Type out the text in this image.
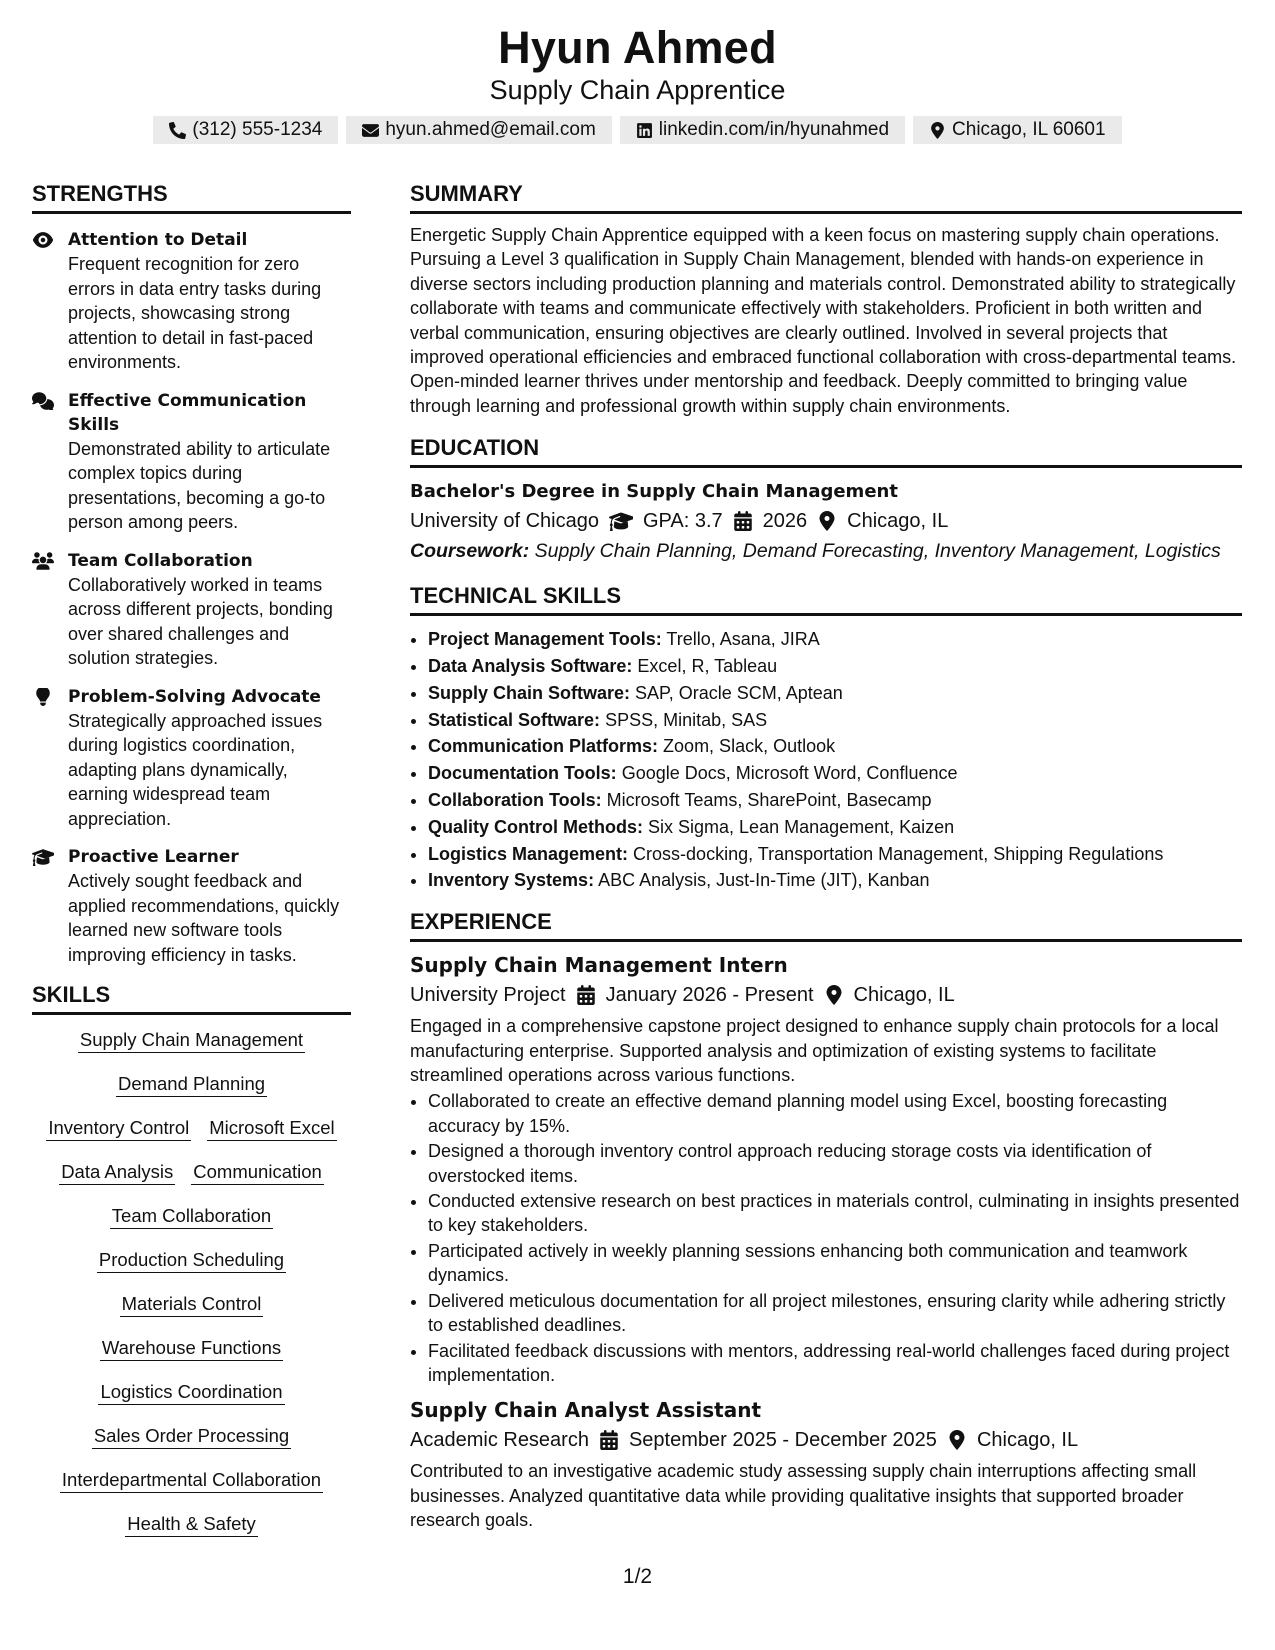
Hyun Ahmed
Supply Chain Apprentice
(312) 555-1234	hyun.ahmed@email.com	linkedin.com/in/hyunahmed	Chicago, IL 60601
STRENGTHS
Attention to Detail
Frequent recognition for zero errors in data entry tasks during projects, showcasing strong attention to detail in fast-paced environments.
Effective Communication Skills
Demonstrated ability to articulate complex topics during presentations, becoming a go-to person among peers.
Team Collaboration
Collaboratively worked in teams across different projects, bonding over shared challenges and solution strategies.
Problem-Solving Advocate
Strategically approached issues during logistics coordination, adapting plans dynamically, earning widespread team appreciation.
Proactive Learner
Actively sought feedback and applied recommendations, quickly learned new software tools improving efficiency in tasks.
SKILLS
Supply Chain Management
Demand Planning
Inventory Control Microsoft Excel
Data Analysis Communication
Team Collaboration
Production Scheduling
Materials Control
Warehouse Functions
Logistics Coordination
Sales Order Processing
Interdepartmental Collaboration
Health & Safety
SUMMARY
Energetic Supply Chain Apprentice equipped with a keen focus on mastering supply chain operations. Pursuing a Level 3 qualification in Supply Chain Management, blended with hands-on experience in diverse sectors including production planning and materials control. Demonstrated ability to strategically collaborate with teams and communicate effectively with stakeholders. Proficient in both written and verbal communication, ensuring objectives are clearly outlined. Involved in several projects that improved operational efficiencies and embraced functional collaboration with cross-departmental teams. Open-minded learner thrives under mentorship and feedback. Deeply committed to bringing value through learning and professional growth within supply chain environments.
EDUCATION
Bachelor's Degree in Supply Chain Management
University of Chicago GPA: 3.7 2026 Chicago, IL
Coursework: Supply Chain Planning, Demand Forecasting, Inventory Management, Logistics
TECHNICAL SKILLS
• Project Management Tools: Trello, Asana, JIRA
• Data Analysis Software: Excel, R, Tableau
• Supply Chain Software: SAP, Oracle SCM, Aptean
• Statistical Software: SPSS, Minitab, SAS
• Communication Platforms: Zoom, Slack, Outlook
• Documentation Tools: Google Docs, Microsoft Word, Confluence
• Collaboration Tools: Microsoft Teams, SharePoint, Basecamp
• Quality Control Methods: Six Sigma, Lean Management, Kaizen
• Logistics Management: Cross-docking, Transportation Management, Shipping Regulations
• Inventory Systems: ABC Analysis, Just-In-Time (JIT), Kanban
EXPERIENCE
Supply Chain Management Intern
University Project January 2026 - Present Chicago, IL
Engaged in a comprehensive capstone project designed to enhance supply chain protocols for a local manufacturing enterprise. Supported analysis and optimization of existing systems to facilitate streamlined operations across various functions.
• Collaborated to create an effective demand planning model using Excel, boosting forecasting accuracy by 15%.
• Designed a thorough inventory control approach reducing storage costs via identification of overstocked items.
• Conducted extensive research on best practices in materials control, culminating in insights presented to key stakeholders.
• Participated actively in weekly planning sessions enhancing both communication and teamwork dynamics.
• Delivered meticulous documentation for all project milestones, ensuring clarity while adhering strictly to established deadlines.
• Facilitated feedback discussions with mentors, addressing real-world challenges faced during project implementation.
Supply Chain Analyst Assistant
Academic Research September 2025 - December 2025 Chicago, IL
Contributed to an investigative academic study assessing supply chain interruptions affecting small businesses. Analyzed quantitative data while providing qualitative insights that supported broader research goals.
1/2
